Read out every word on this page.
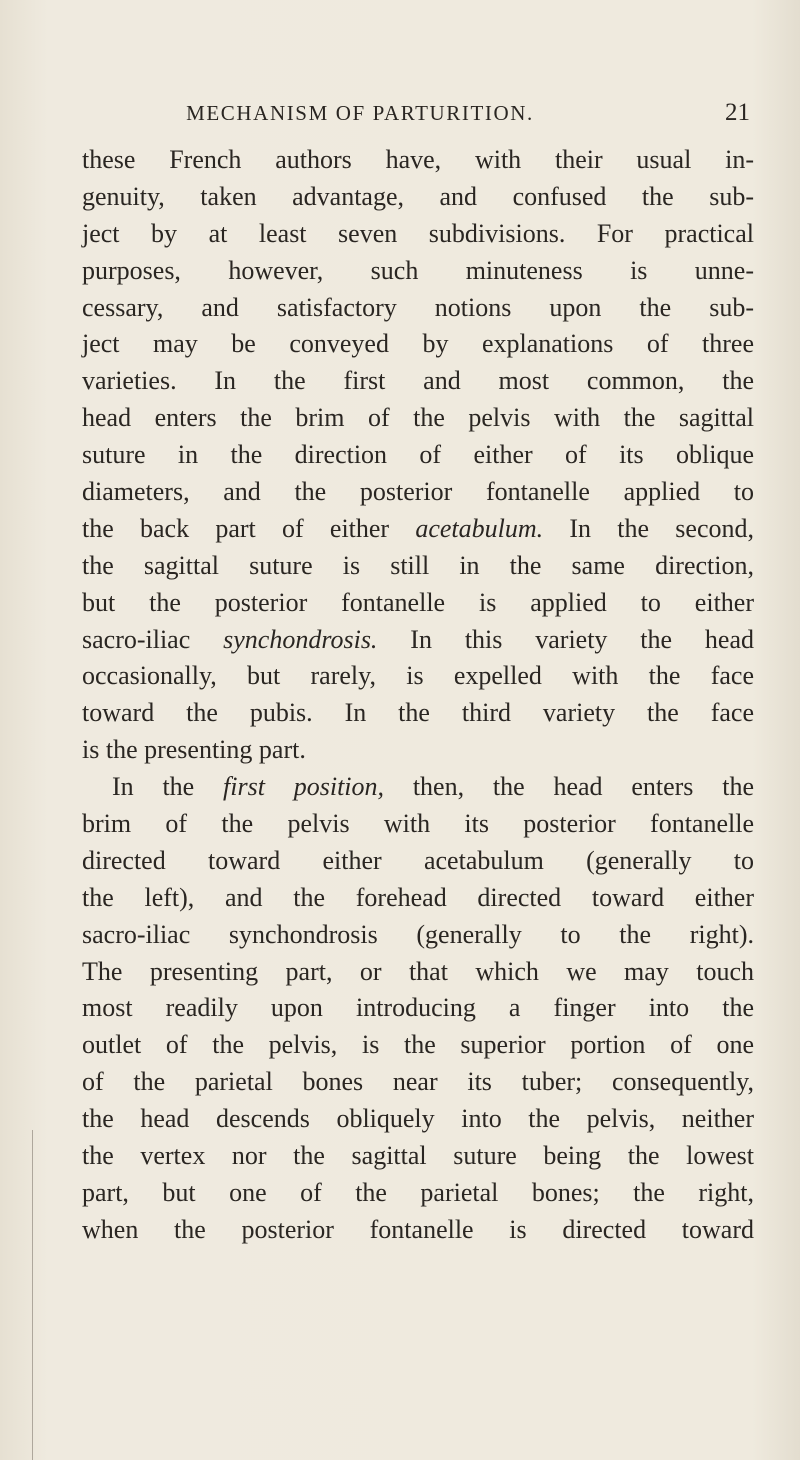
MECHANISM OF PARTURITION.	21
these French authors have, with their usual in-
genuity, taken advantage, and confused the sub-
ject by at least seven subdivisions. For practical
purposes, however, such minuteness is unne-
cessary, and satisfactory notions upon the sub-
ject may be conveyed by explanations of three
varieties. In the first and most common, the
head enters the brim of the pelvis with the sagittal
suture in the direction of either of its oblique
diameters, and the posterior fontanelle applied to
the back part of either acetabulum. In the second,
the sagittal suture is still in the same direction,
but the posterior fontanelle is applied to either
sacro-iliac synchondrosis. In this variety the head
occasionally, but rarely, is expelled with the face
toward the pubis. In the third variety the face
is the presenting part.
In the first position, then, the head enters the
brim of the pelvis with its posterior fontanelle
directed toward either acetabulum (generally to
the left), and the forehead directed toward either
sacro-iliac synchondrosis (generally to the right).
The presenting part, or that which we may touch
most readily upon introducing a finger into the
outlet of the pelvis, is the superior portion of one
of the parietal bones near its tuber; consequently,
the head descends obliquely into the pelvis, neither
the vertex nor the sagittal suture being the lowest
part, but one of the parietal bones; the right,
when the posterior fontanelle is directed toward
